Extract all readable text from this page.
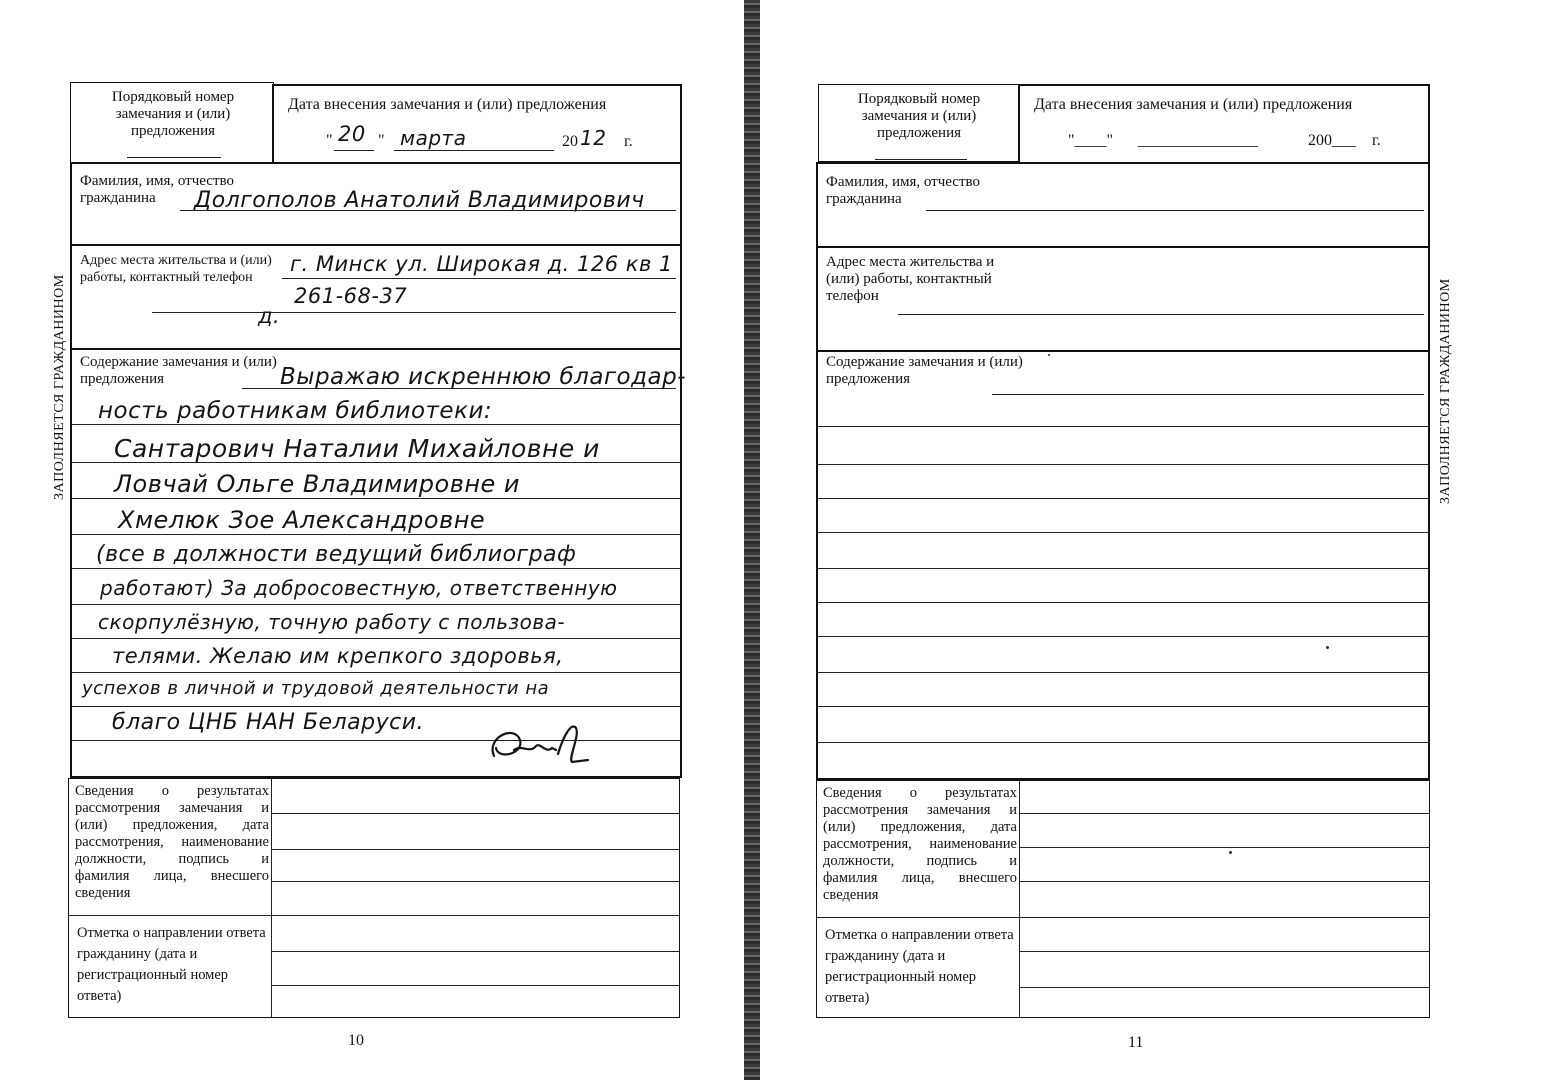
ЗАПОЛНЯЕТСЯ ГРАЖДАНИНОМ
Порядковый номер замечания и (или) предложения
Дата внесения замечания и (или) предложения
" 20 " марта	20 12 г.
Фамилия, имя, отчество гражданина	Долгополов Анатолий Владимирович
Адрес места жительства и (или) работы, контактный телефон
г. Минск ул. Широкая д. 126 кв 1
д.
261-68-37
Содержание замечания и (или) предложения	Выражаю искреннюю благодар-
ность работникам библиотеки:
Сантарович Наталии Михайловне и
Ловчай Ольге Владимировне и
Хмелюк Зое Александровне
(все в должности ведущий библиограф
работают) За добросовестную, ответственную
скорпулёзную, точную работу с пользова-
телями. Желаю им крепкого здоровья,
успехов в личной и трудовой деятельности на
благо ЦНБ НАН Беларуси.
Сведения о результатах рассмотрения замечания и (или) предложения, дата рассмотрения, наименование должности, подпись и фамилия лица, внесшего сведения
Отметка о направлении ответа гражданину (дата и регистрационный номер ответа)
10
ЗАПОЛНЯЕТСЯ ГРАЖДАНИНОМ
Порядковый номер замечания и (или) предложения
Дата внесения замечания и (или) предложения
"____" _______________	200___ г.
Фамилия, имя, отчество гражданина
Адрес места жительства и (или) работы, контактный телефон
Содержание замечания и (или) предложения
Сведения о результатах рассмотрения замечания и (или) предложения, дата рассмотрения, наименование должности, подпись и фамилия лица, внесшего сведения
Отметка о направлении ответа гражданину (дата и регистрационный номер ответа)
11
